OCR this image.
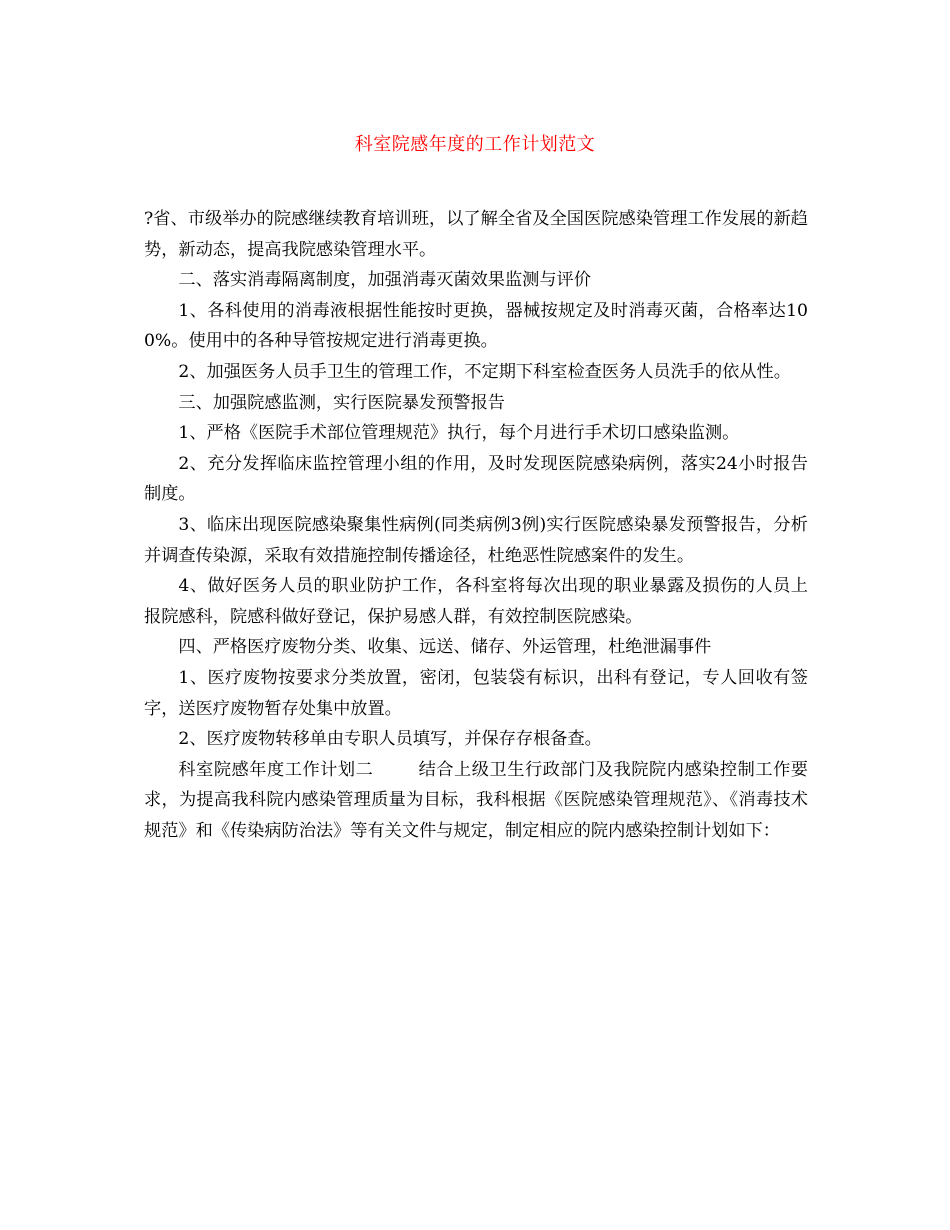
科室院感年度的工作计划范文

?省、市级举办的院感继续教育培训班，以了解全省及全国医院感染管理工作发展的新趋势，新动态，提高我院感染管理水平。

二、落实消毒隔离制度，加强消毒灭菌效果监测与评价

1、各科使用的消毒液根据性能按时更换，器械按规定及时消毒灭菌，合格率达100%。使用中的各种导管按规定进行消毒更换。

2、加强医务人员手卫生的管理工作，不定期下科室检查医务人员洗手的依从性。

三、加强院感监测，实行医院暴发预警报告

1、严格《医院手术部位管理规范》执行，每个月进行手术切口感染监测。

2、充分发挥临床监控管理小组的作用，及时发现医院感染病例，落实24小时报告制度。

3、临床出现医院感染聚集性病例(同类病例3例)实行医院感染暴发预警报告，分析并调查传染源，采取有效措施控制传播途径，杜绝恶性院感案件的发生。

4、做好医务人员的职业防护工作，各科室将每次出现的职业暴露及损伤的人员上报院感科，院感科做好登记，保护易感人群，有效控制医院感染。

四、严格医疗废物分类、收集、远送、储存、外运管理，杜绝泄漏事件

1、医疗废物按要求分类放置，密闭，包装袋有标识，出科有登记，专人回收有签字，送医疗废物暂存处集中放置。

2、医疗废物转移单由专职人员填写，并保存存根备查。

科室院感年度工作计划二	结合上级卫生行政部门及我院院内感染控制工作要求，为提高我科院内感染管理质量为目标，我科根据《医院感染管理规范》、《消毒技术规范》和《传染病防治法》等有关文件与规定，制定相应的院内感染控制计划如下：
